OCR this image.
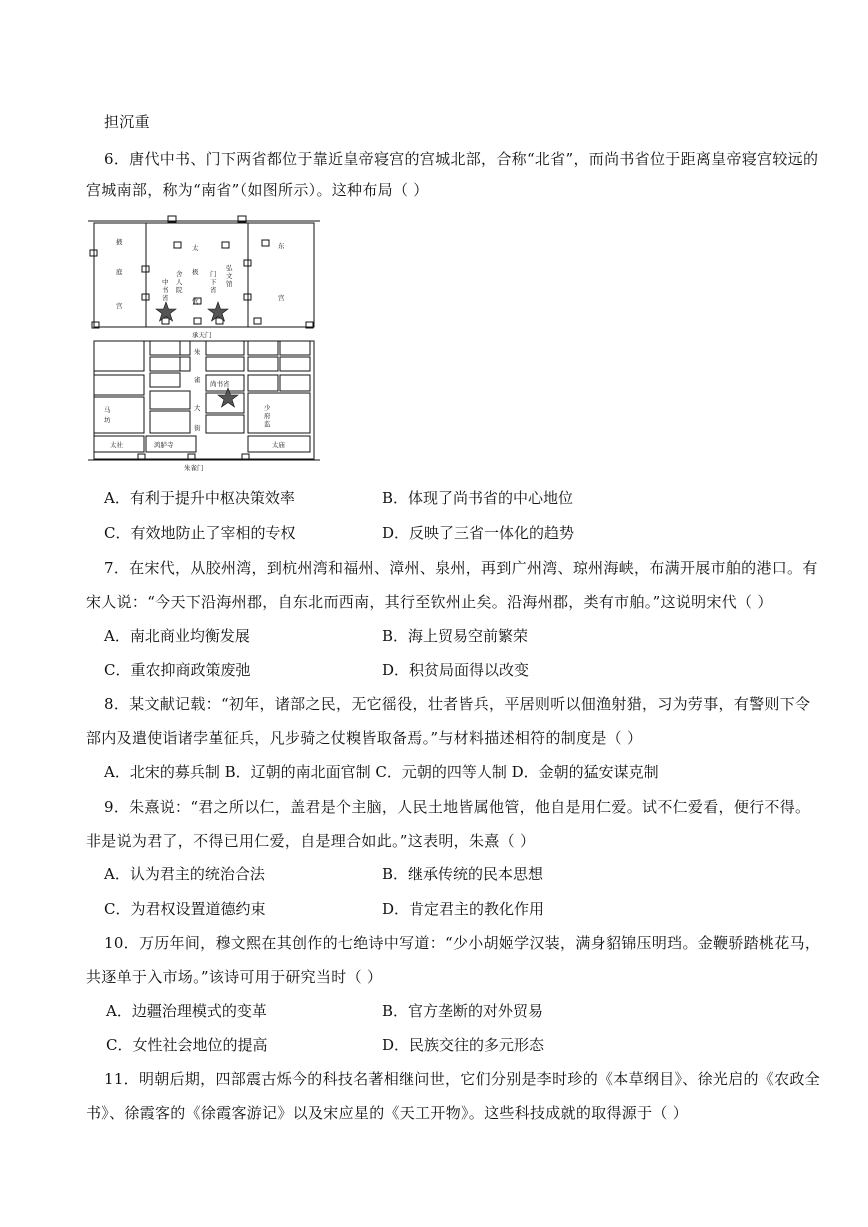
担沉重
6．唐代中书、门下两省都位于靠近皇帝寝宫的宫城北部，合称“北省”，而尚书省位于距离皇帝寝宫较远的
宫城南部，称为“南省”（如图所示）。这种布局（ ）
掖
庭
宫
太
极
宫
东
宫
中
书
省
舍
人
院
门
下
省
弘
文
馆
承天门
朱
雀
大
街
尚书省
马
坊
少
府
监
太社	鸿胪寺	太庙
朱雀门
A．有利于提升中枢决策效率	B．体现了尚书省的中心地位
C．有效地防止了宰相的专权	D．反映了三省一体化的趋势
7．在宋代，从胶州湾，到杭州湾和福州、漳州、泉州，再到广州湾、琼州海峡，布满开展市舶的港口。有
宋人说：“今天下沿海州郡，自东北而西南，其行至钦州止矣。沿海州郡，类有市舶。”这说明宋代（ ）
A．南北商业均衡发展	B．海上贸易空前繁荣
C．重农抑商政策废弛	D．积贫局面得以改变
8．某文献记载：“初年，诸部之民，无它徭役，壮者皆兵，平居则听以佃渔射猎，习为劳事，有警则下令
部内及遣使诣诸孛堇征兵，凡步骑之仗糗皆取备焉。”与材料描述相符的制度是（ ）
A．北宋的募兵制 B．辽朝的南北面官制 C．元朝的四等人制 D．金朝的猛安谋克制
9．朱熹说：“君之所以仁，盖君是个主脑，人民土地皆属他管，他自是用仁爱。试不仁爱看，便行不得。
非是说为君了，不得已用仁爱，自是理合如此。”这表明，朱熹（ ）
A．认为君主的统治合法	B．继承传统的民本思想
C．为君权设置道德约束	D．肯定君主的教化作用
10．万历年间，穆文熙在其创作的七绝诗中写道：“少小胡姬学汉装，满身貂锦压明珰。金鞭骄踏桃花马，
共逐单于入市场。”该诗可用于研究当时（ ）
A．边疆治理模式的变革	B．官方垄断的对外贸易
C．女性社会地位的提高	D．民族交往的多元形态
11．明朝后期，四部震古烁今的科技名著相继问世，它们分别是李时珍的《本草纲目》、徐光启的《农政全
书》、徐霞客的《徐霞客游记》以及宋应星的《天工开物》。这些科技成就的取得源于（ ）
